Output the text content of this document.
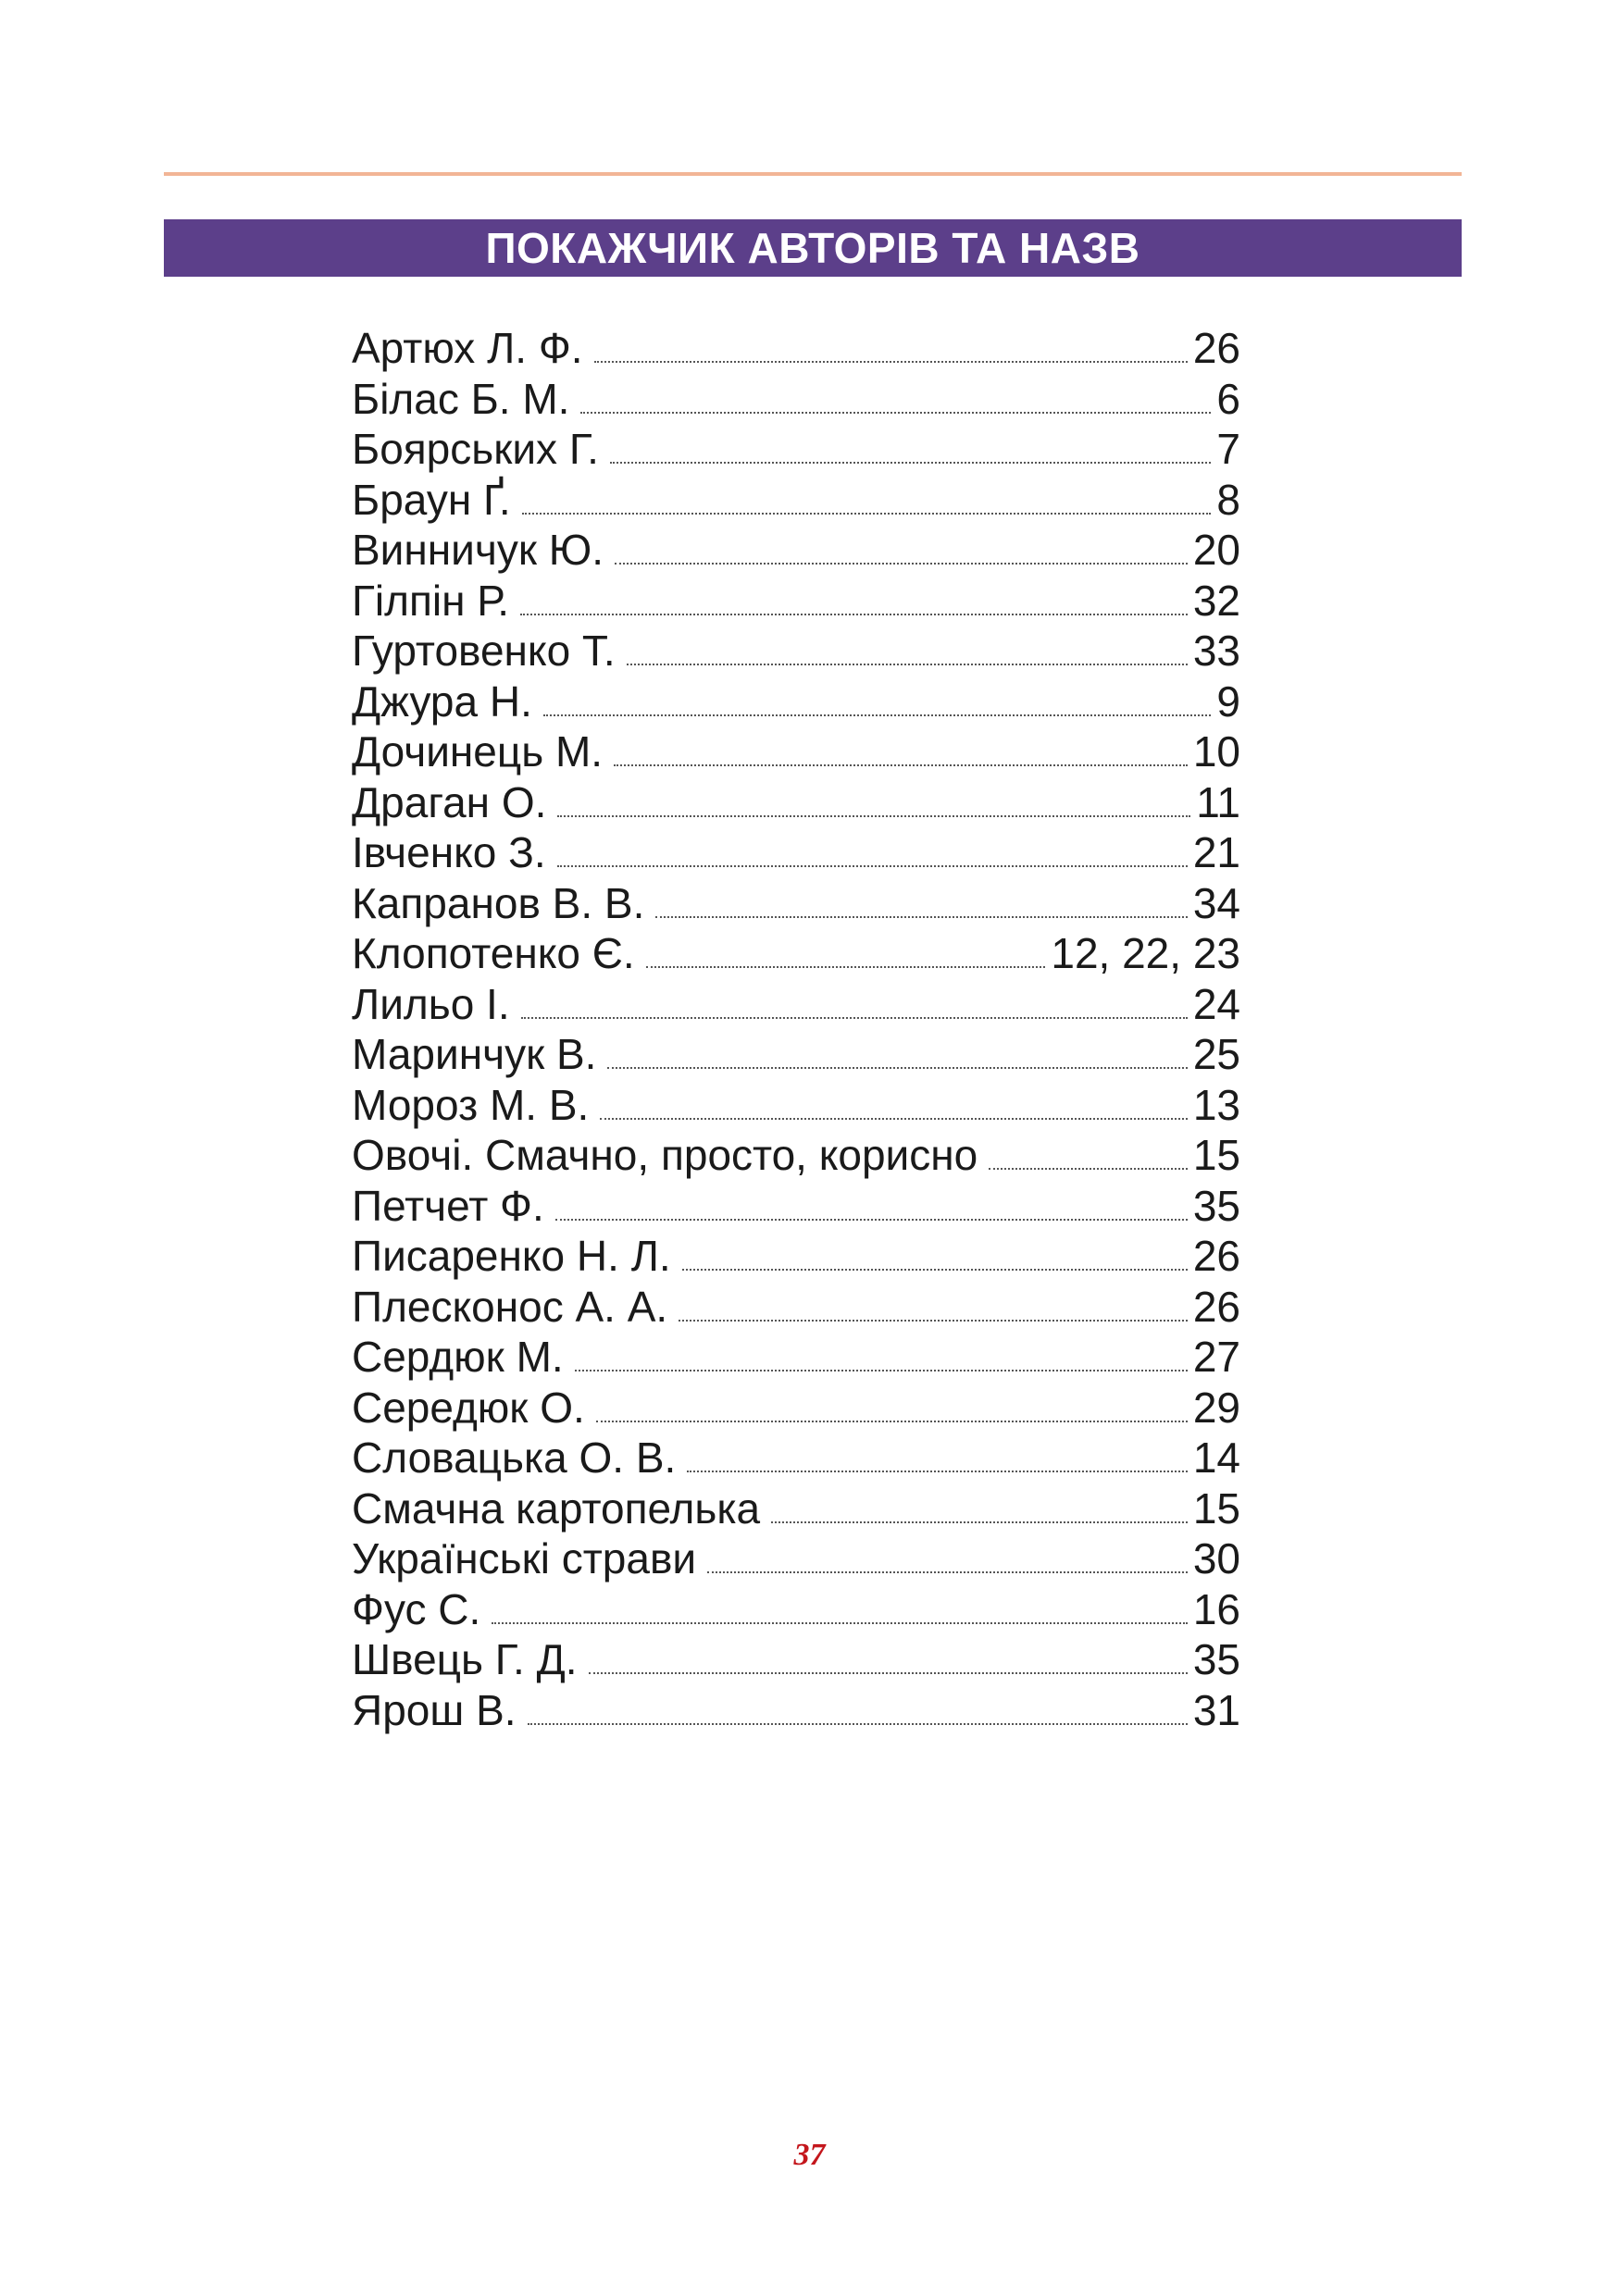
ПОКАЖЧИК АВТОРІВ ТА НАЗВ
Артюх Л. Ф.	26
Білас Б. М.	6
Боярських Г.	7
Браун Ґ.	8
Винничук Ю.	20
Гілпін Р.	32
Гуртовенко Т.	33
Джура Н.	9
Дочинець М.	10
Драган О.	11
Івченко З.	21
Капранов В. В.	34
Клопотенко Є.	12, 22, 23
Лильо І.	24
Маринчук В.	25
Мороз М. В.	13
Овочі. Смачно, просто, корисно	15
Петчет Ф.	35
Писаренко Н. Л.	26
Плесконос А. А.	26
Сердюк М.	27
Середюк О.	29
Словацька О. В.	14
Смачна картопелька	15
Українські страви	30
Фус С.	16
Швець Г. Д.	35
Ярош В.	31
37
